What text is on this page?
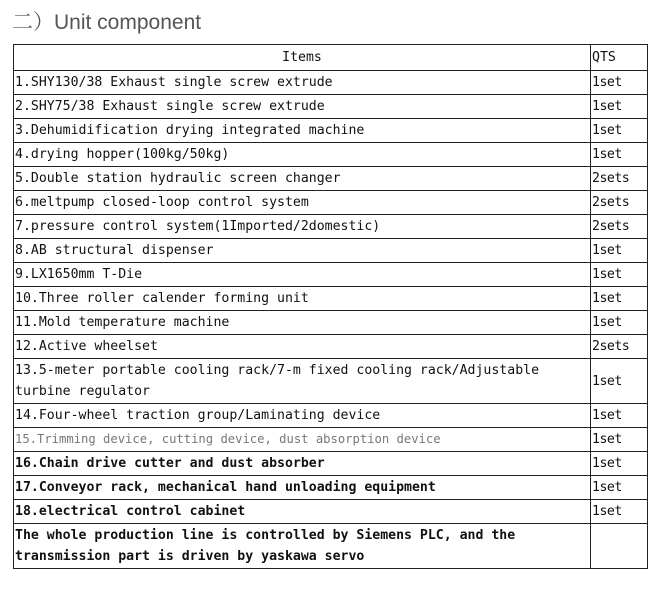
二）Unit component
Items	QTS
1.SHY130/38 Exhaust single screw extrude	1set
2.SHY75/38 Exhaust single screw extrude	1set
3.Dehumidification drying integrated machine	1set
4.drying hopper(100kg/50kg)	1set
5.Double station hydraulic screen changer	2sets
6.meltpump closed-loop control system	2sets
7.pressure control system(1Imported/2domestic)	2sets
8.AB structural dispenser	1set
9.LX1650mm T-Die	1set
10.Three roller calender forming unit	1set
11.Mold temperature machine	1set
12.Active wheelset	2sets
13.5-meter portable cooling rack/7-m fixed cooling rack/Adjustable turbine regulator	1set
14.Four-wheel traction group/Laminating device	1set
15.Trimming device, cutting device, dust absorption device	1set
16.Chain drive cutter and dust absorber	1set
17.Conveyor rack, mechanical hand unloading equipment	1set
18.electrical control cabinet	1set
The whole production line is controlled by Siemens PLC, and the transmission part is driven by yaskawa servo	
